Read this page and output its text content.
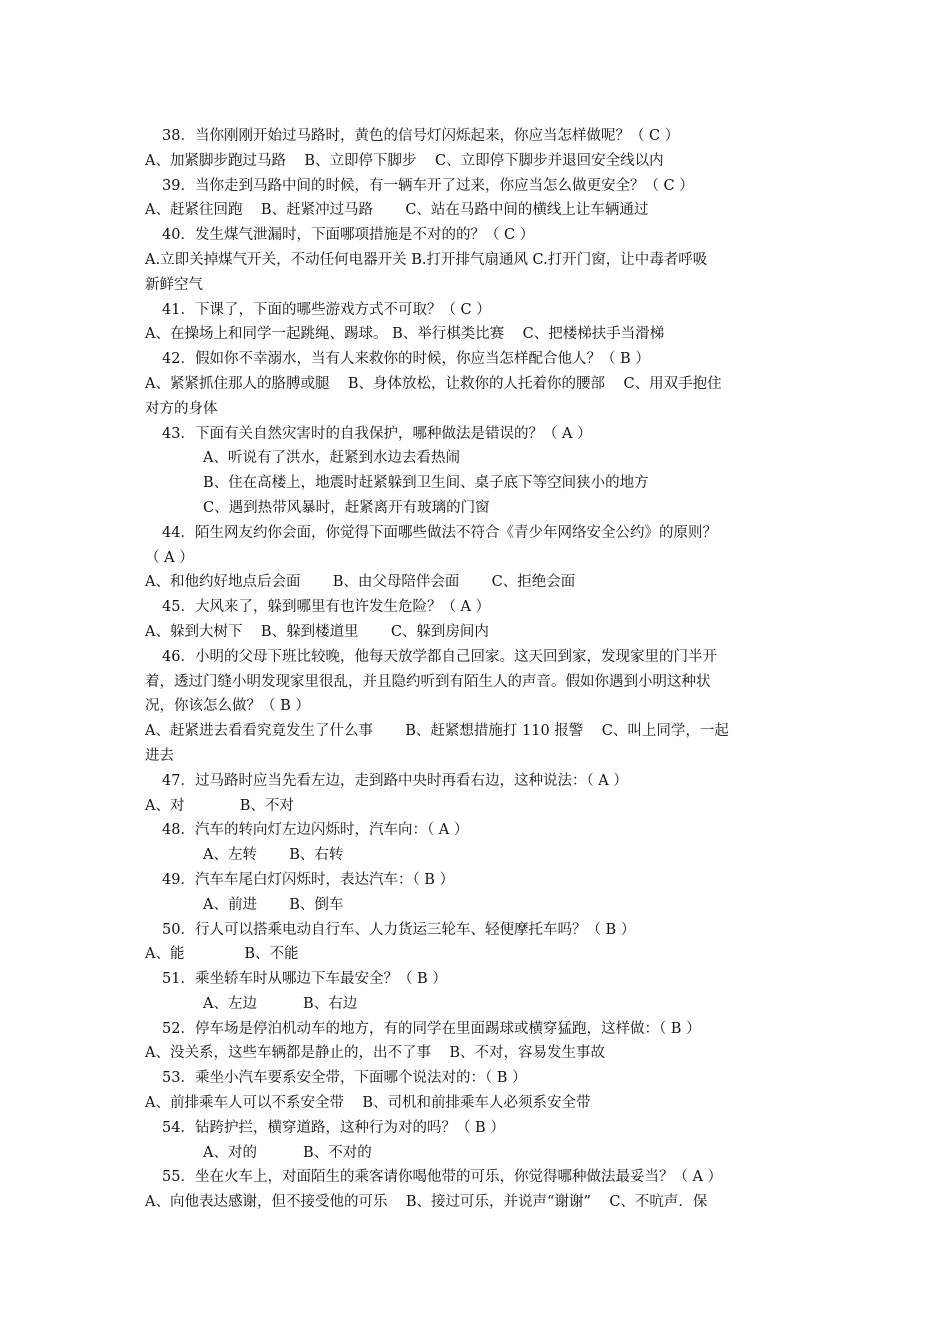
38．当你刚刚开始过马路时，黄色的信号灯闪烁起来，你应当怎样做呢？（ C ）
A、加紧脚步跑过马路    B、立即停下脚步    C、立即停下脚步并退回安全线以内
39．当你走到马路中间的时候，有一辆车开了过来，你应当怎么做更安全？（ C ）
A、赶紧往回跑    B、赶紧冲过马路       C、站在马路中间的横线上让车辆通过
40．发生煤气泄漏时，下面哪项措施是不对的的？（ C ）
A.立即关掉煤气开关，不动任何电器开关 B.打开排气扇通风 C.打开门窗，让中毒者呼吸
新鲜空气
41．下课了，下面的哪些游戏方式不可取？（ C ）
A、在操场上和同学一起跳绳、踢球。 B、举行棋类比赛    C、把楼梯扶手当滑梯
42．假如你不幸溺水，当有人来救你的时候，你应当怎样配合他人？（ B ）
A、紧紧抓住那人的胳膊或腿    B、身体放松，让救你的人托着你的腰部    C、用双手抱住
对方的身体
43．下面有关自然灾害时的自我保护，哪种做法是错误的？（ A ）
A、听说有了洪水，赶紧到水边去看热闹
B、住在高楼上，地震时赶紧躲到卫生间、桌子底下等空间狭小的地方
C、遇到热带风暴时，赶紧离开有玻璃的门窗
44．陌生网友约你会面，你觉得下面哪些做法不符合《青少年网络安全公约》的原则？
（ A ）
A、和他约好地点后会面       B、由父母陪伴会面       C、拒绝会面
45．大风来了，躲到哪里有也许发生危险？（ A ）
A、躲到大树下    B、躲到楼道里       C、躲到房间内
46．小明的父母下班比较晚，他每天放学都自己回家。这天回到家，发现家里的门半开
着，透过门缝小明发现家里很乱，并且隐约听到有陌生人的声音。假如你遇到小明这种状
况，你该怎么做？（ B ）
A、赶紧进去看看究竟发生了什么事       B、赶紧想措施打 110 报警    C、叫上同学，一起
进去
47．过马路时应当先看左边，走到路中央时再看右边，这种说法：（ A ）
A、对            B、不对
48．汽车的转向灯左边闪烁时，汽车向：（ A ）
A、左转       B、右转
49．汽车车尾白灯闪烁时，表达汽车：（ B ）
A、前进       B、倒车
50．行人可以搭乘电动自行车、人力货运三轮车、轻便摩托车吗？（ B ）
A、能             B、不能
51．乘坐轿车时从哪边下车最安全？（ B ）
A、左边          B、右边
52．停车场是停泊机动车的地方，有的同学在里面踢球或横穿猛跑，这样做：（ B ）
A、没关系，这些车辆都是静止的，出不了事    B、不对，容易发生事故
53．乘坐小汽车要系安全带，下面哪个说法对的：（ B ）
A、前排乘车人可以不系安全带    B、司机和前排乘车人必须系安全带
54．钻跨护拦，横穿道路，这种行为对的吗？（ B ）
A、对的          B、不对的
55．坐在火车上，对面陌生的乘客请你喝他带的可乐，你觉得哪种做法最妥当？（ A ）
A、向他表达感谢，但不接受他的可乐    B、接过可乐，并说声“谢谢”    C、不吭声．保
